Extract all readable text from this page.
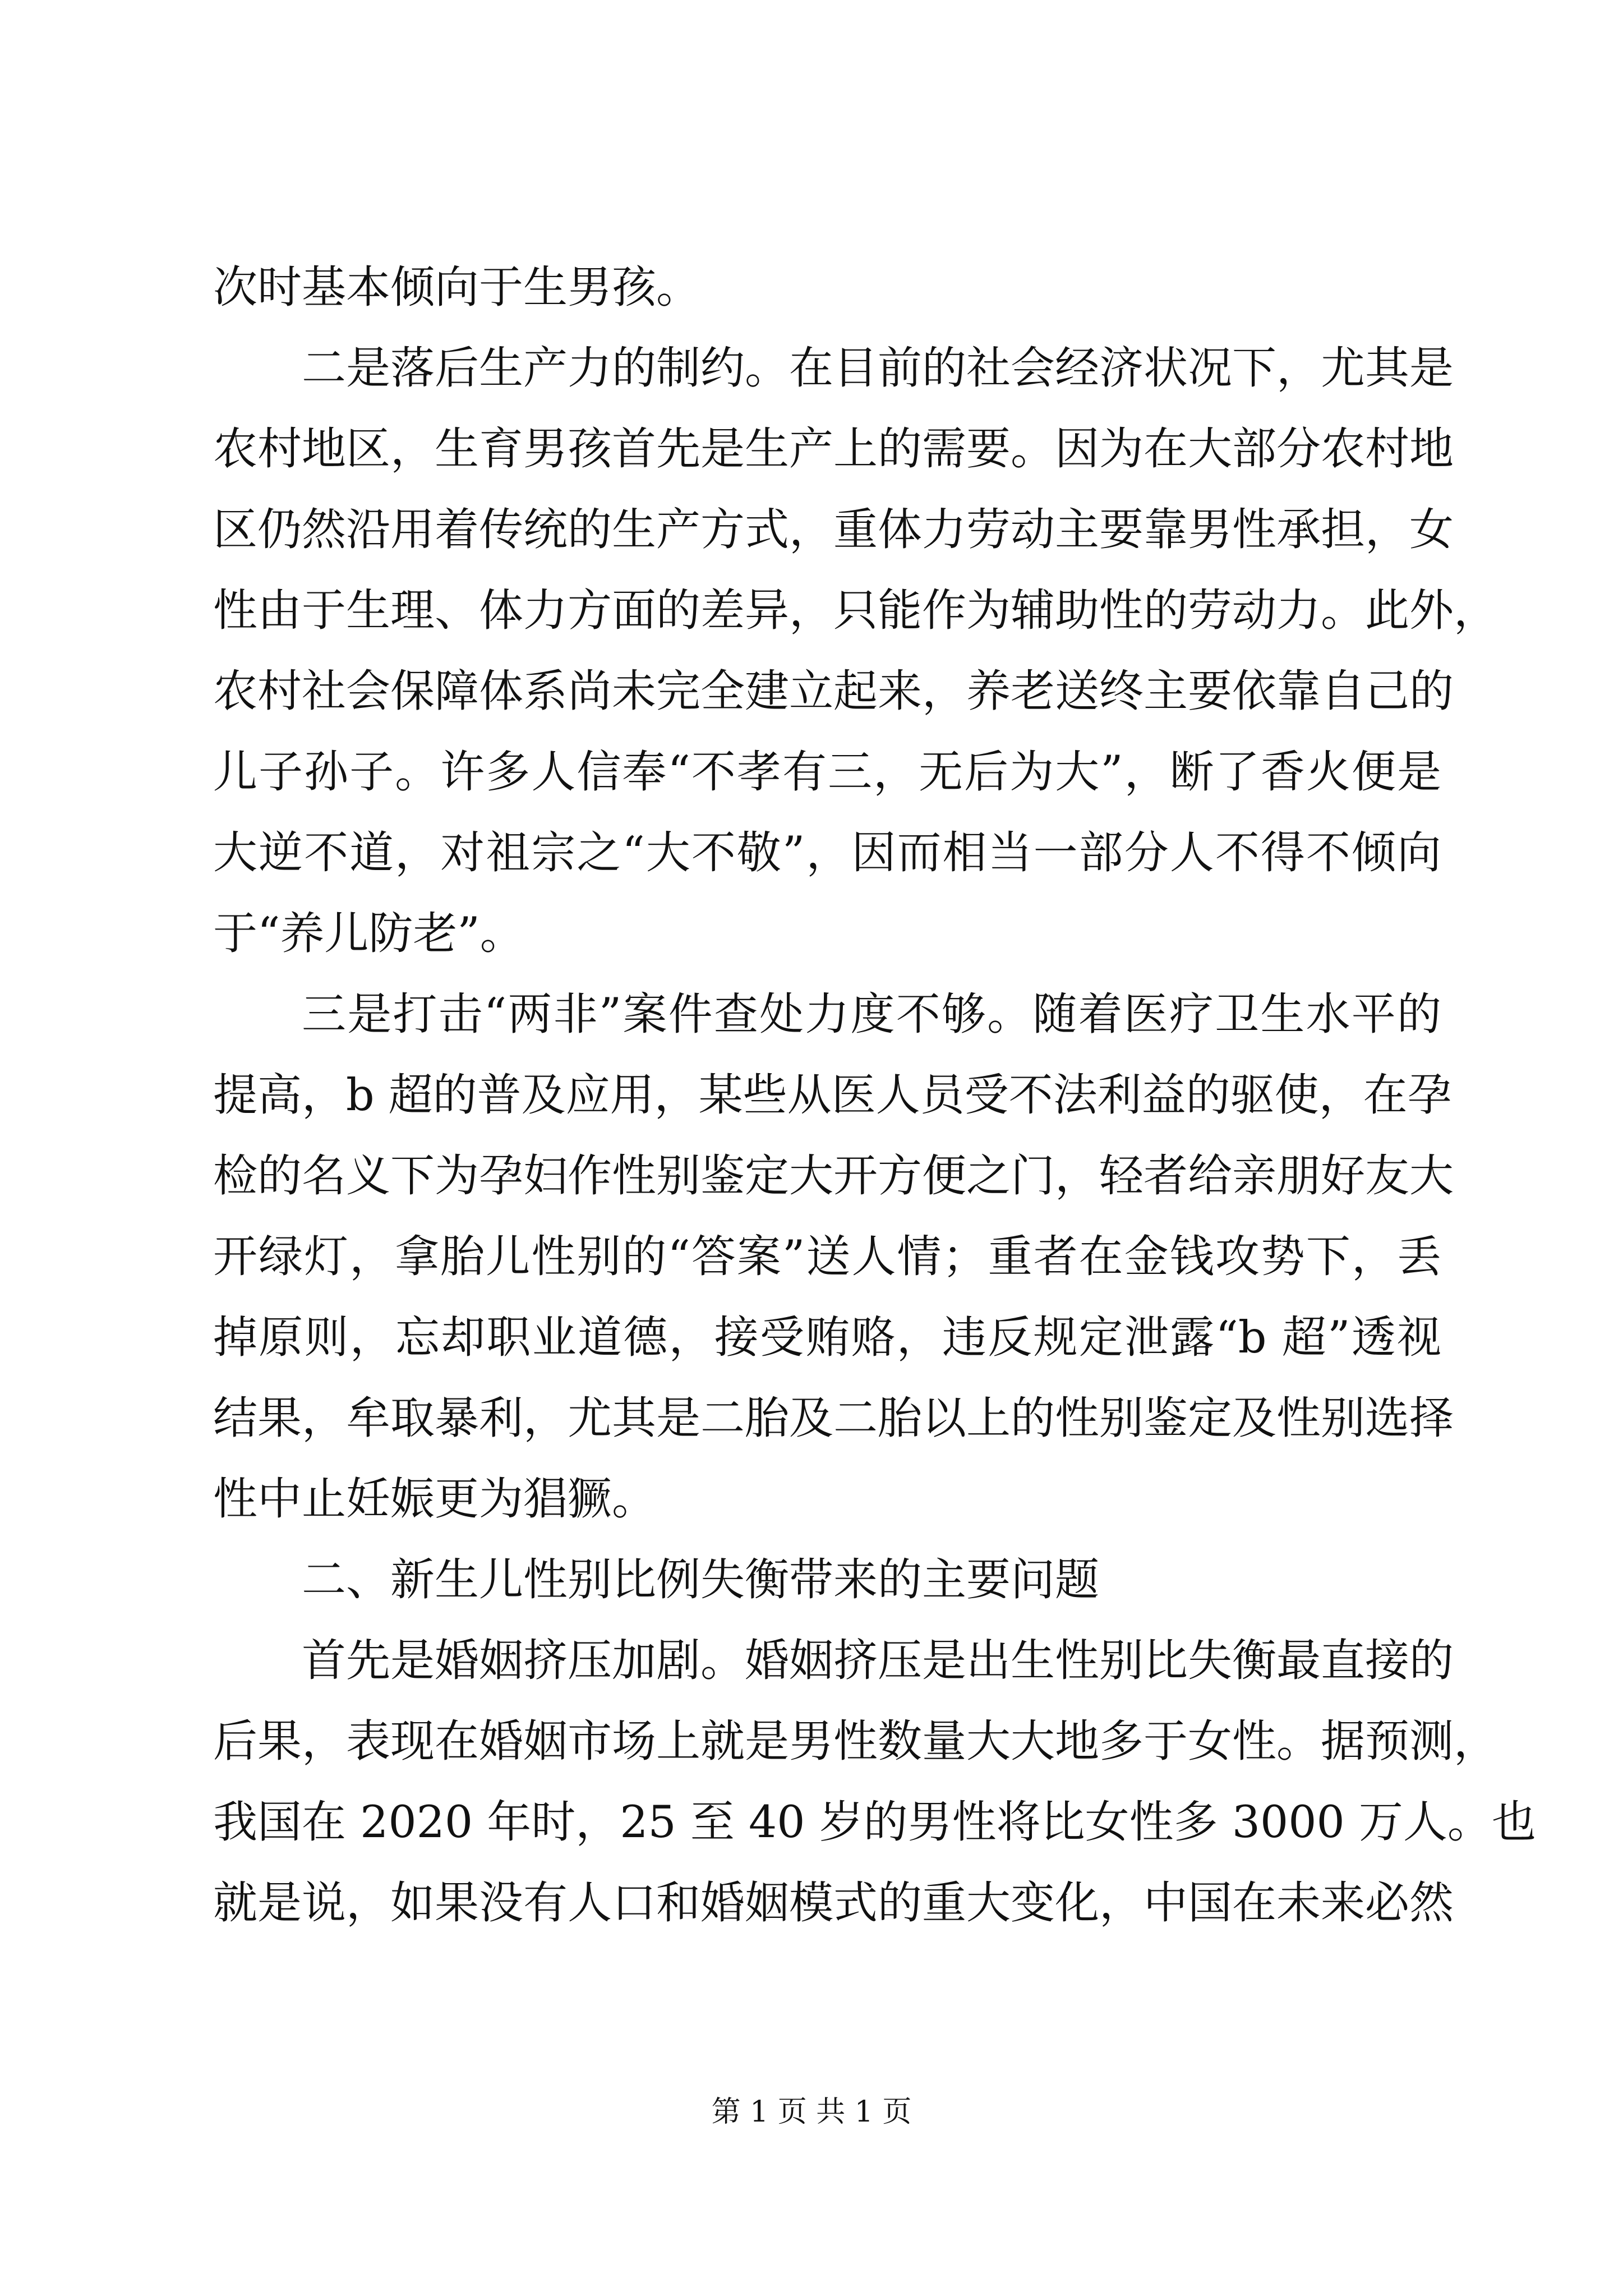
次时基本倾向于生男孩。
二是落后生产力的制约。在目前的社会经济状况下，尤其是
农村地区，生育男孩首先是生产上的需要。因为在大部分农村地
区仍然沿用着传统的生产方式，重体力劳动主要靠男性承担，女
性由于生理、体力方面的差异，只能作为辅助性的劳动力。此外，
农村社会保障体系尚未完全建立起来，养老送终主要依靠自己的
儿子孙子。许多人信奉“不孝有三，无后为大”，断了香火便是
大逆不道，对祖宗之“大不敬”，因而相当一部分人不得不倾向
于“养儿防老”。
三是打击“两非”案件查处力度不够。随着医疗卫生水平的
提高，b 超的普及应用，某些从医人员受不法利益的驱使，在孕
检的名义下为孕妇作性别鉴定大开方便之门，轻者给亲朋好友大
开绿灯，拿胎儿性别的“答案”送人情；重者在金钱攻势下，丢
掉原则，忘却职业道德，接受贿赂，违反规定泄露“b 超”透视
结果，牟取暴利，尤其是二胎及二胎以上的性别鉴定及性别选择
性中止妊娠更为猖獗。
二、新生儿性别比例失衡带来的主要问题
首先是婚姻挤压加剧。婚姻挤压是出生性别比失衡最直接的
后果，表现在婚姻市场上就是男性数量大大地多于女性。据预测，
我国在 2020 年时，25 至 40 岁的男性将比女性多 3000 万人。也
就是说，如果没有人口和婚姻模式的重大变化，中国在未来必然
第 1 页 共 1 页
